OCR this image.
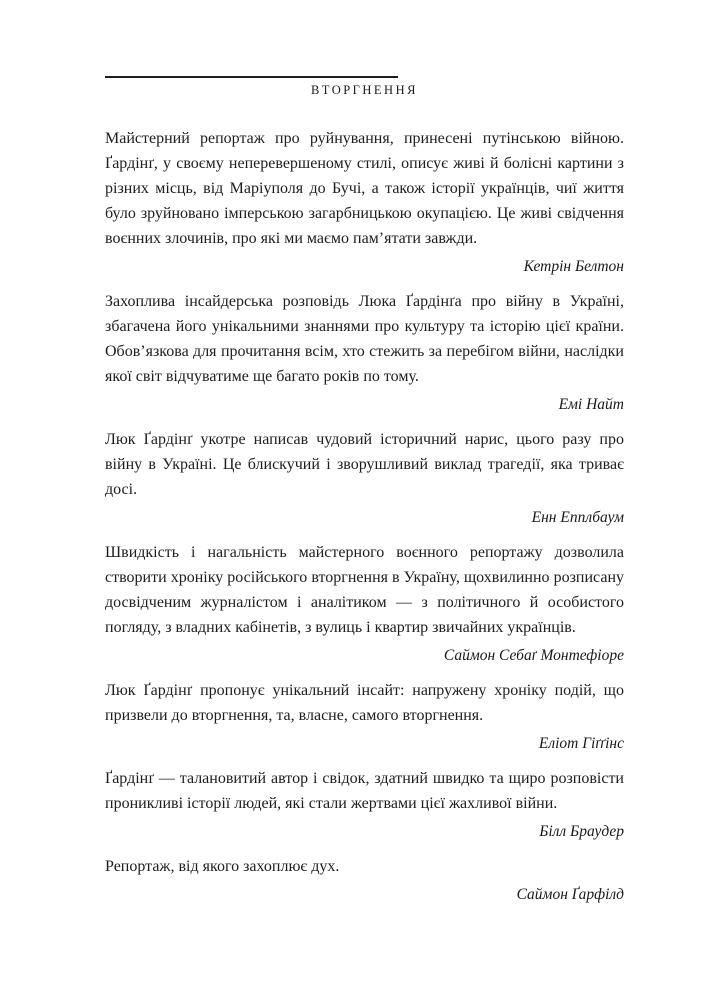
ВТОРГНЕННЯ

Майстерний репортаж про руйнування, принесені путінською війною. Ґардінґ, у своєму неперевершеному стилі, описує живі й болісні картини з різних місць, від Маріуполя до Бучі, а також історії українців, чиї життя було зруйновано імперською загарбницькою окупацією. Це живі свідчення воєнних злочинів, про які ми маємо пам’ятати завжди.

Кетрін Белтон

Захоплива інсайдерська розповідь Люка Ґардінґа про війну в Україні, збагачена його унікальними знаннями про культуру та історію цієї країни. Обов’язкова для прочитання всім, хто стежить за перебігом війни, наслідки якої світ відчуватиме ще багато років по тому.

Емі Найт

Люк Ґардінґ укотре написав чудовий історичний нарис, цього разу про війну в Україні. Це блискучий і зворушливий виклад трагедії, яка триває досі.

Енн Епплбаум

Швидкість і нагальність майстерного воєнного репортажу дозволила створити хроніку російського вторгнення в Україну, щохвилинно розписану досвідченим журналістом і аналітиком — з політичного й особистого погляду, з владних кабінетів, з вулиць і квартир звичайних українців.

Саймон Себаґ Монтефіоре

Люк Ґардінґ пропонує унікальний інсайт: напружену хроніку подій, що призвели до вторгнення, та, власне, самого вторгнення.

Еліот Гіґґінс

Ґардінґ — талановитий автор і свідок, здатний швидко та щиро розповісти проникливі історії людей, які стали жертвами цієї жахливої війни.

Білл Браудер

Репортаж, від якого захоплює дух.

Саймон Ґарфілд
